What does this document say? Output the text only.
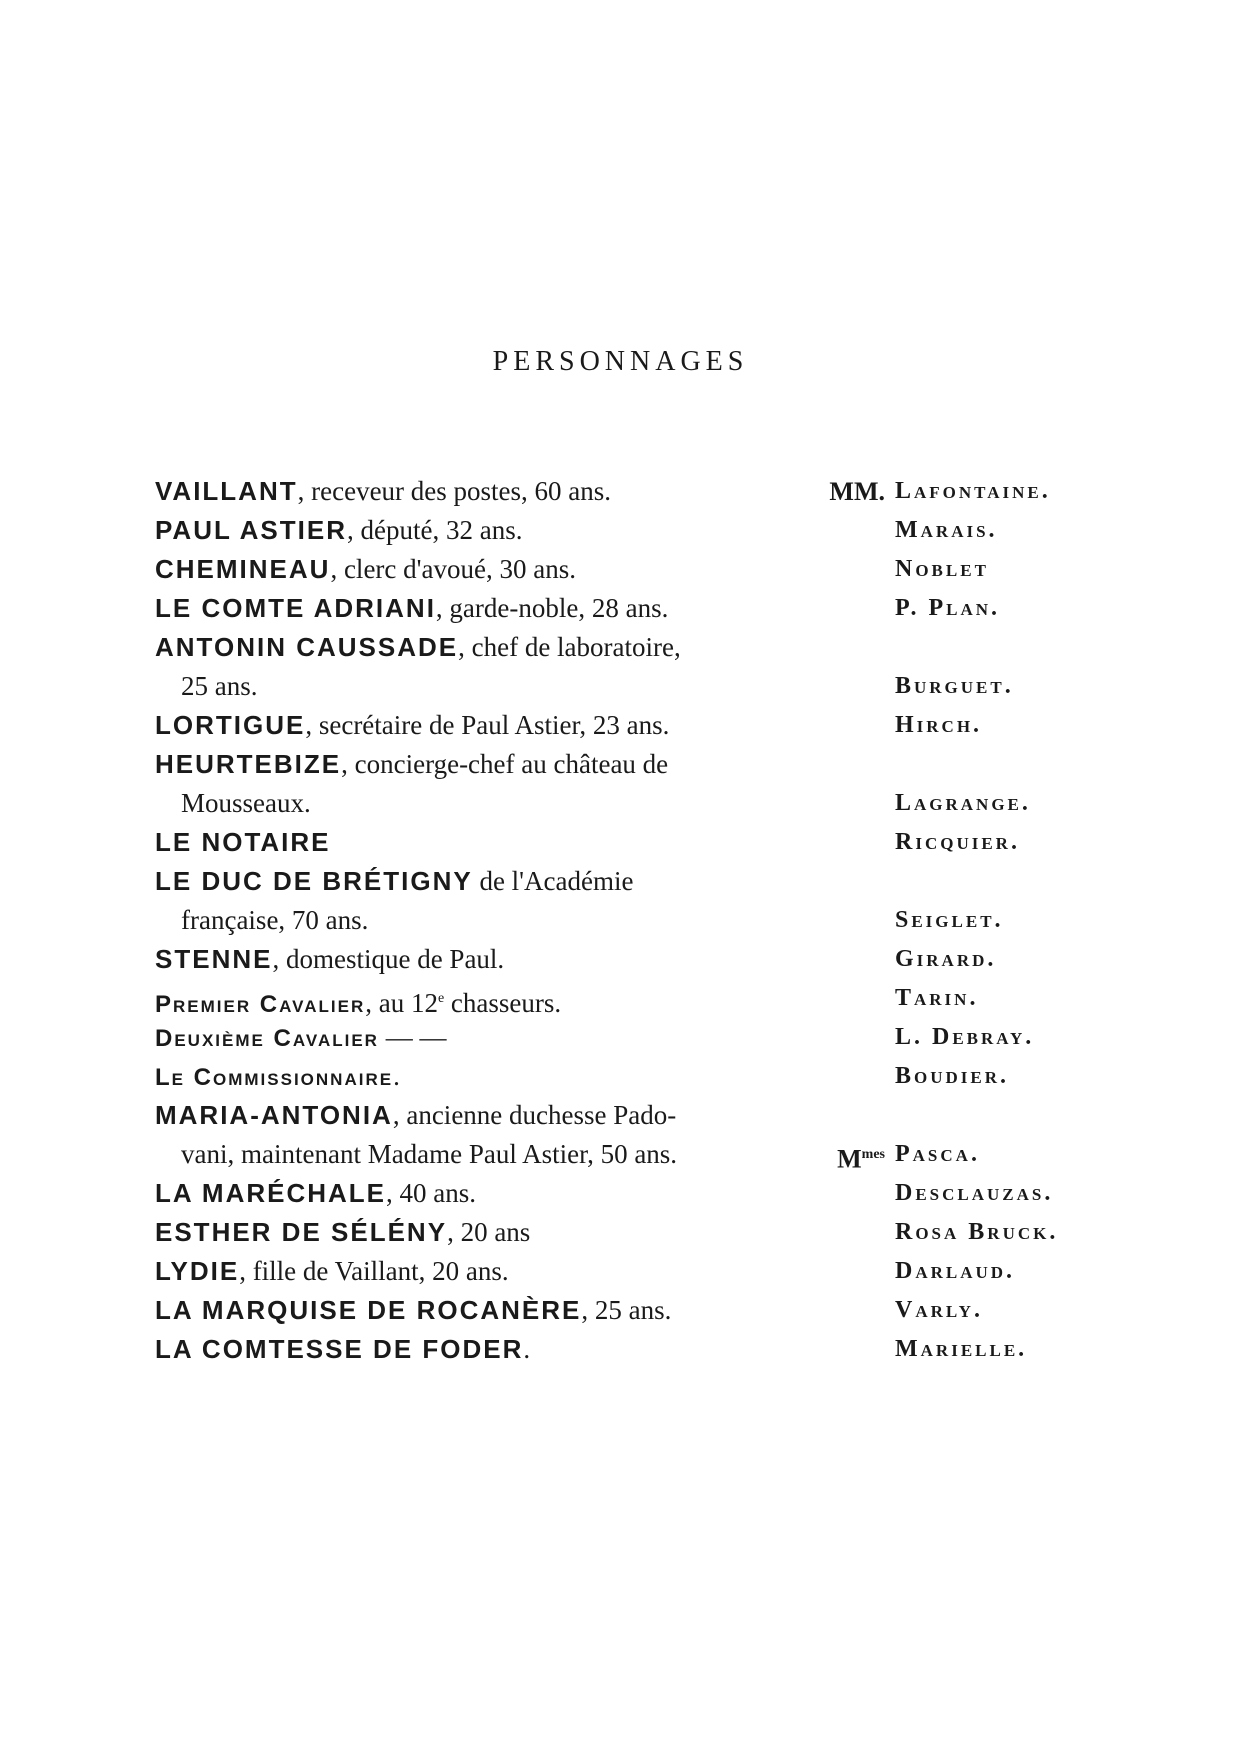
PERSONNAGES
VAILLANT, receveur des postes, 60 ans.	MM. Lafontaine.
PAUL ASTIER, député, 32 ans.	Marais.
CHEMINEAU, clerc d'avoué, 30 ans.	Noblet
LE COMTE ADRIANI, garde-noble, 28 ans.	P. Plan.
ANTONIN CAUSSADE, chef de laboratoire,
25 ans.	Burguet.
LORTIGUE, secrétaire de Paul Astier, 23 ans.	Hirch.
HEURTEBIZE, concierge-chef au château de
Mousseaux.	Lagrange.
LE NOTAIRE	Ricquier.
LE DUC DE BRÉTIGNY de l'Académie
française, 70 ans.	Seiglet.
STENNE, domestique de Paul.	Girard.
Premier Cavalier, au 12e chasseurs.	Tarin.
Deuxième Cavalier — —	L. Debray.
Le Commissionnaire.	Boudier.
MARIA-ANTONIA, ancienne duchesse Pado-
vani, maintenant Madame Paul Astier, 50 ans.	$M^{mes}$ Pasca.
LA MARÉCHALE, 40 ans.	Desclauzas.
ESTHER DE SÉLÉNY, 20 ans	Rosa Bruck.
LYDIE, fille de Vaillant, 20 ans.	Darlaud.
LA MARQUISE DE ROCANÈRE, 25 ans.	Varly.
LA COMTESSE DE FODER.	Marielle.
